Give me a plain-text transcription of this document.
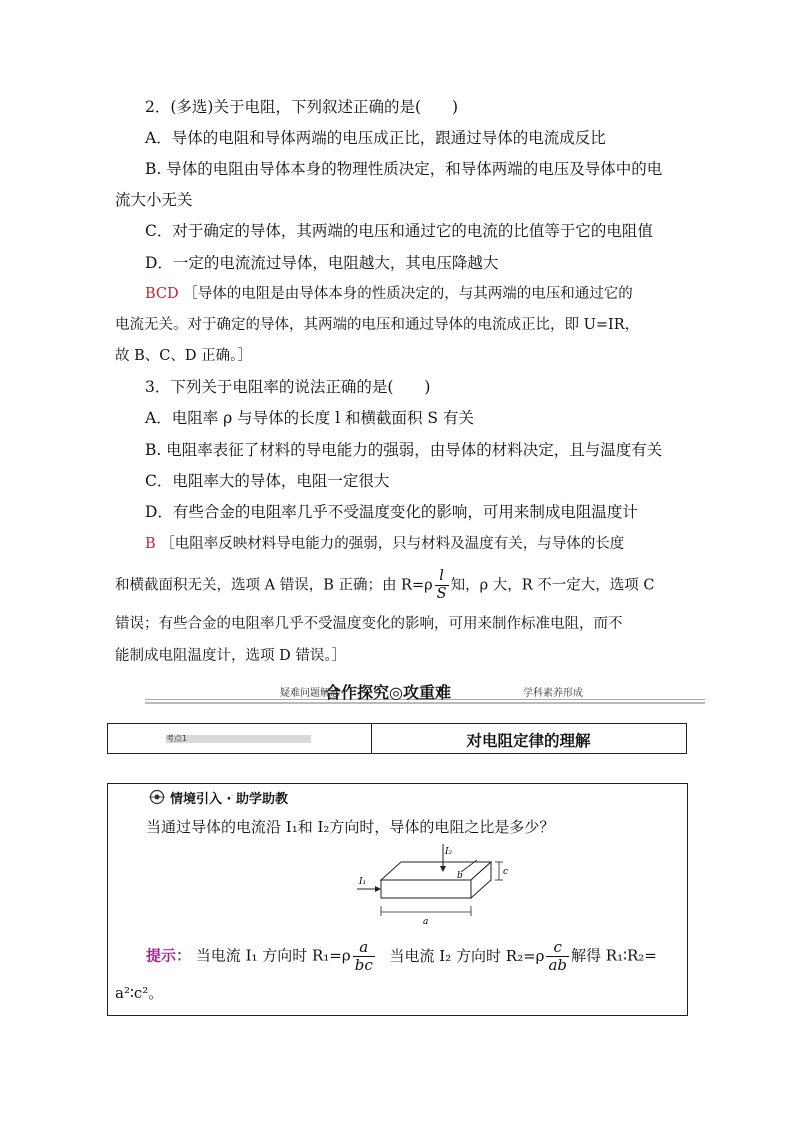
2．(多选)关于电阻，下列叙述正确的是(　　)
A．导体的电阻和导体两端的电压成正比，跟通过导体的电流成反比
B. 导体的电阻由导体本身的物理性质决定，和导体两端的电压及导体中的电
流大小无关
C．对于确定的导体，其两端的电压和通过它的电流的比值等于它的电阻值
D．一定的电流流过导体，电阻越大，其电压降越大
BCD ［导体的电阻是由导体本身的性质决定的，与其两端的电压和通过它的
电流无关。对于确定的导体，其两端的电压和通过导体的电流成正比，即 U=IR，
故 B、C、D 正确。］
3．下列关于电阻率的说法正确的是(　　)
A．电阻率 ρ 与导体的长度 l 和横截面积 S 有关
B. 电阻率表征了材料的导电能力的强弱，由导体的材料决定，且与温度有关
C．电阻率大的导体，电阻一定很大
D．有些合金的电阻率几乎不受温度变化的影响，可用来制成电阻温度计
B ［电阻率反映材料导电能力的强弱，只与材料及温度有关，与导体的长度
和横截面积无关，选项 A 错误，B 正确；由 $R=\rho \frac{l}{S}$ 知，ρ 大，R 不一定大，选项 C
错误；有些合金的电阻率几乎不受温度变化的影响，可用来制作标准电阻，而不
能制成电阻温度计，选项 D 错误。］
疑难问题解惑
合作探究◎攻重难	学科素养形成
考点1	对电阻定律的理解
情境引入 · 助学助教
当通过导体的电流沿 I₁和 I₂方向时，导体的电阻之比是多少？
I₂
I₁
b	c
a
提示： 当电流 I₁ 方向时 $R_1=\rho \frac{a}{bc}$ 当电流 I₂ 方向时 $R_2=\rho \frac{c}{ab}$ 解得 R₁∶R₂=
a²∶c²。
